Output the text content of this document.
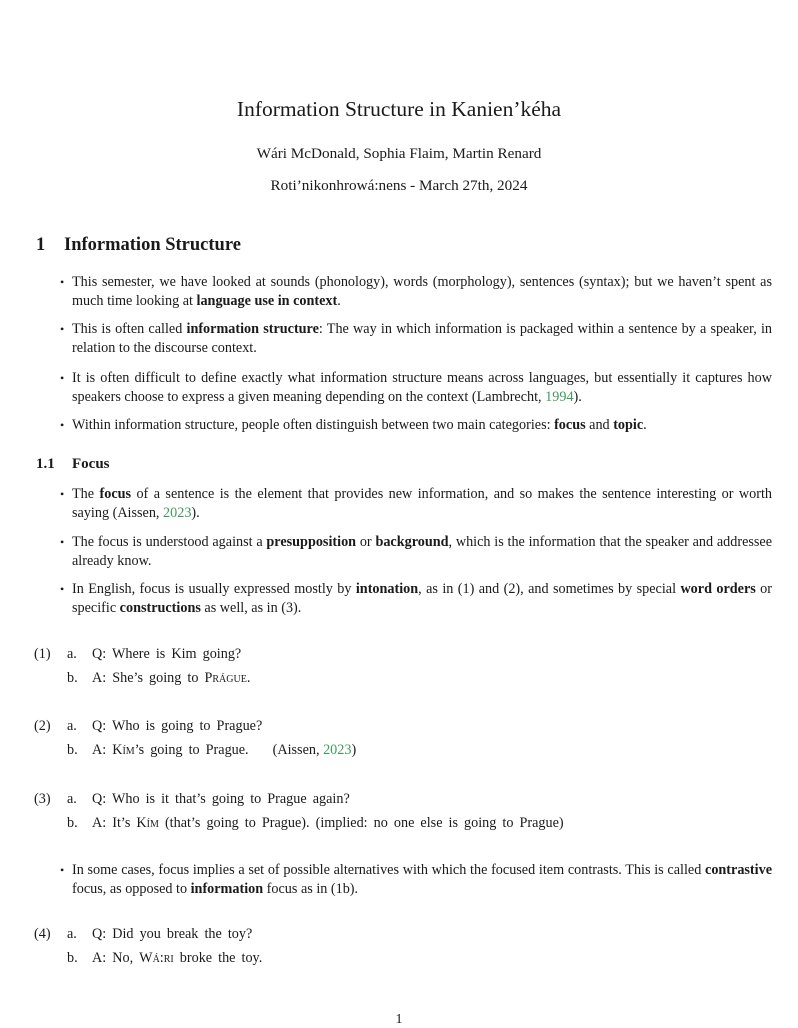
Information Structure in Kanien’kéha
Wári McDonald, Sophia Flaim, Martin Renard
Roti’nikonhrowá:nens - March 27th, 2024
1 Information Structure
• This semester, we have looked at sounds (phonology), words (morphology), sentences (syntax); but we haven’t spent as much time looking at language use in context.
• This is often called information structure: The way in which information is packaged within a sentence by a speaker, in relation to the discourse context.
• It is often difficult to define exactly what information structure means across languages, but essentially it captures how speakers choose to express a given meaning depending on the context (Lambrecht, 1994).
• Within information structure, people often distinguish between two main categories: focus and topic.
1.1 Focus
• The focus of a sentence is the element that provides new information, and so makes the sentence interesting or worth saying (Aissen, 2023).
• The focus is understood against a presupposition or background, which is the information that the speaker and addressee already know.
• In English, focus is usually expressed mostly by intonation, as in (1) and (2), and sometimes by special word orders or specific constructions as well, as in (3).
(1)	a. Q: Where is Kim going?
b. A: She’s going to Prágue.
(2)	a. Q: Who is going to Prague?
b. A: Kím’s going to Prague. (Aissen, 2023)
(3)	a. Q: Who is it that’s going to Prague again?
b. A: It’s Kím (that’s going to Prague). (implied: no one else is going to Prague)
• In some cases, focus implies a set of possible alternatives with which the focused item contrasts. This is called contrastive focus, as opposed to information focus as in (1b).
(4)	a. Q: Did you break the toy?
b. A: No, Wá:ri broke the toy.
1
